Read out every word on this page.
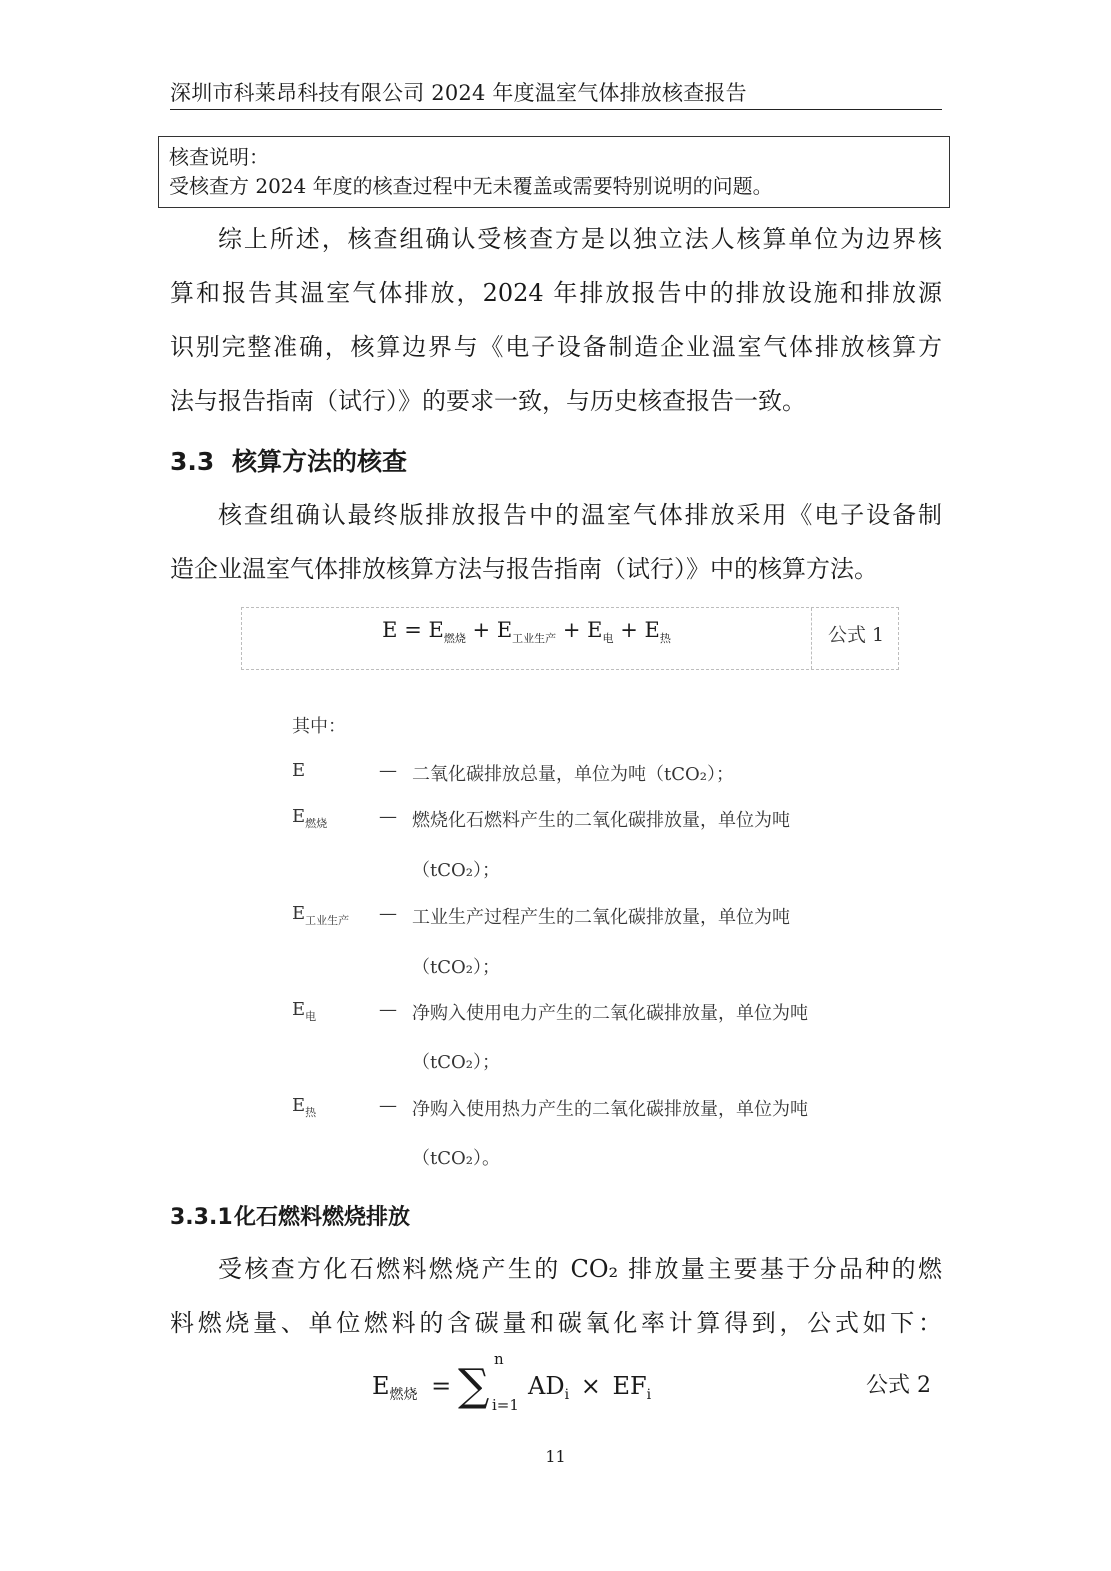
深圳市科莱昂科技有限公司 2024 年度温室气体排放核查报告
核查说明：
受核查方 2024 年度的核查过程中无未覆盖或需要特别说明的问题。
综上所述，核查组确认受核查方是以独立法人核算单位为边界核
算和报告其温室气体排放，2024 年排放报告中的排放设施和排放源
识别完整准确，核算边界与《电子设备制造企业温室气体排放核算方
法与报告指南（试行）》的要求一致，与历史核查报告一致。
3.3 核算方法的核查
核查组确认最终版排放报告中的温室气体排放采用《电子设备制
造企业温室气体排放核算方法与报告指南（试行）》中的核算方法。
$E = E_{燃烧} + E_{工业生产} + E_电 + E_热$	公式 1
其中：
E	— 二氧化碳排放总量，单位为吨（tCO₂）；
$E_{燃烧}$	— 燃烧化石燃料产生的二氧化碳排放量，单位为吨
（tCO₂）；
$E_{工业生产}$ — 工业生产过程产生的二氧化碳排放量，单位为吨
（tCO₂）；
$E_电$	— 净购入使用电力产生的二氧化碳排放量，单位为吨
（tCO₂）；
$E_热$	— 净购入使用热力产生的二氧化碳排放量，单位为吨
（tCO₂）。
3.3.1化石燃料燃烧排放
受核查方化石燃料燃烧产生的 CO₂ 排放量主要基于分品种的燃
料燃烧量、单位燃料的含碳量和碳氧化率计算得到，公式如下：
$E_{燃烧}$ = ∑
n
i=1
$AD_i \times EF_i$	公式 2
11
